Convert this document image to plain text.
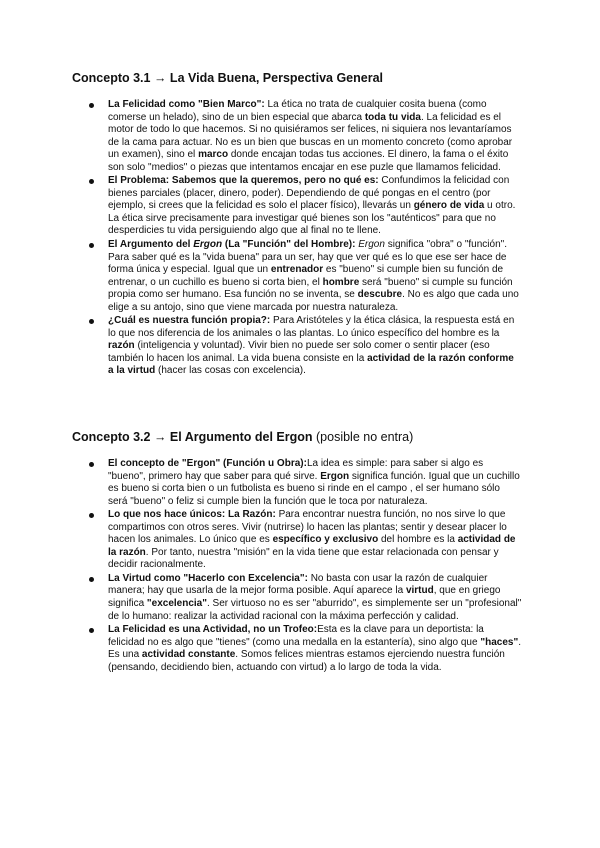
Concepto 3.1 → La Vida Buena, Perspectiva General
La Felicidad como "Bien Marco": La ética no trata de cualquier cosita buena (como comerse un helado), sino de un bien especial que abarca toda tu vida. La felicidad es el motor de todo lo que hacemos. Si no quisiéramos ser felices, ni siquiera nos levantaríamos de la cama para actuar. No es un bien que buscas en un momento concreto (como aprobar un examen), sino el marco donde encajan todas tus acciones. El dinero, la fama o el éxito son solo "medios" o piezas que intentamos encajar en ese puzle que llamamos felicidad.
El Problema: Sabemos que la queremos, pero no qué es: Confundimos la felicidad con bienes parciales (placer, dinero, poder). Dependiendo de qué pongas en el centro (por ejemplo, si crees que la felicidad es solo el placer físico), llevarás un género de vida u otro. La ética sirve precisamente para investigar qué bienes son los "auténticos" para que no desperdicies tu vida persiguiendo algo que al final no te llene.
El Argumento del Ergon (La "Función" del Hombre): Ergon significa "obra" o "función". Para saber qué es la "vida buena" para un ser, hay que ver qué es lo que ese ser hace de forma única y especial. Igual que un entrenador es "bueno" si cumple bien su función de entrenar, o un cuchillo es bueno si corta bien, el hombre será "bueno" si cumple su función propia como ser humano. Esa función no se inventa, se descubre. No es algo que cada uno elige a su antojo, sino que viene marcada por nuestra naturaleza.
¿Cuál es nuestra función propia?: Para Aristóteles y la ética clásica, la respuesta está en lo que nos diferencia de los animales o las plantas. Lo único específico del hombre es la razón (inteligencia y voluntad). Vivir bien no puede ser solo comer o sentir placer (eso también lo hacen los animal. La vida buena consiste en la actividad de la razón conforme a la virtud (hacer las cosas con excelencia).
Concepto 3.2 → El Argumento del Ergon (posible no entra)
El concepto de "Ergon" (Función u Obra):La idea es simple: para saber si algo es "bueno", primero hay que saber para qué sirve. Ergon significa función. Igual que un cuchillo es bueno si corta bien o un futbolista es bueno si rinde en el campo , el ser humano sólo será "bueno" o feliz si cumple bien la función que le toca por naturaleza.
Lo que nos hace únicos: La Razón: Para encontrar nuestra función, no nos sirve lo que compartimos con otros seres. Vivir (nutrirse) lo hacen las plantas; sentir y desear placer lo hacen los animales. Lo único que es específico y exclusivo del hombre es la actividad de la razón. Por tanto, nuestra "misión" en la vida tiene que estar relacionada con pensar y decidir racionalmente.
La Virtud como "Hacerlo con Excelencia": No basta con usar la razón de cualquier manera; hay que usarla de la mejor forma posible. Aquí aparece la virtud, que en griego significa "excelencia". Ser virtuoso no es ser "aburrido", es simplemente ser un "profesional" de lo humano: realizar la actividad racional con la máxima perfección y calidad.
La Felicidad es una Actividad, no un Trofeo:Esta es la clave para un deportista: la felicidad no es algo que "tienes" (como una medalla en la estantería), sino algo que "haces". Es una actividad constante. Somos felices mientras estamos ejerciendo nuestra función (pensando, decidiendo bien, actuando con virtud) a lo largo de toda la vida.
